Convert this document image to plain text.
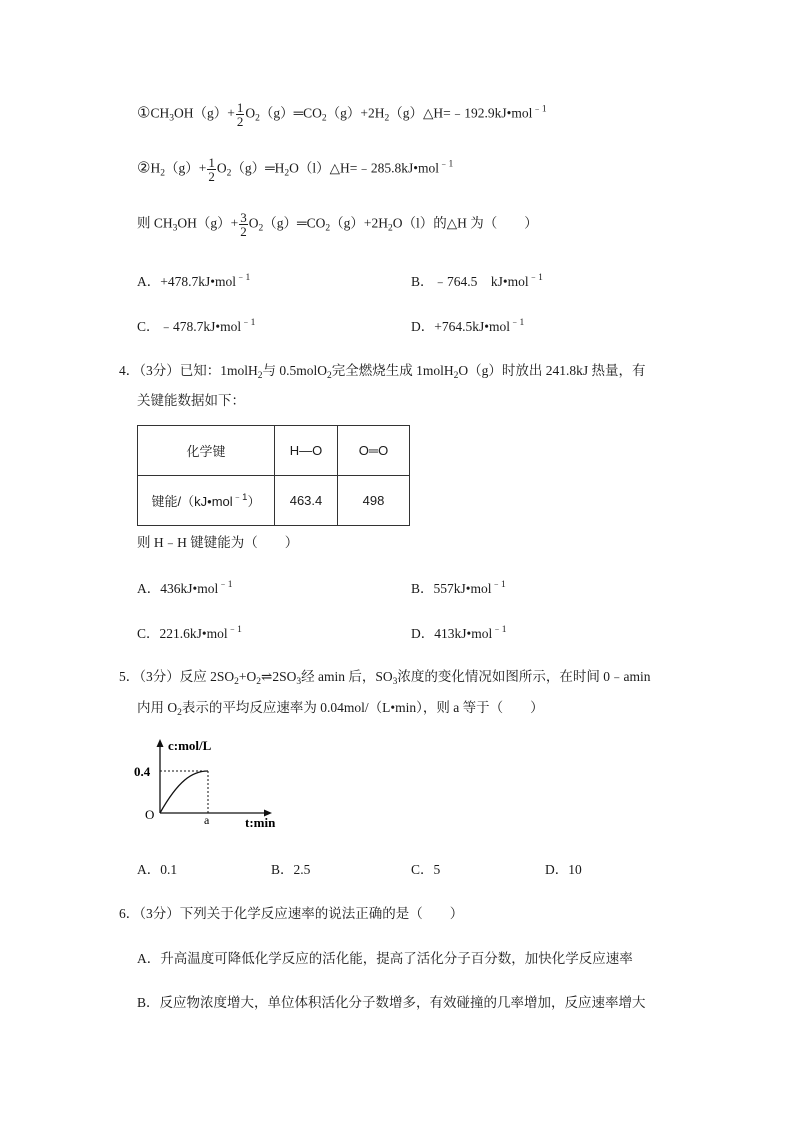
$①CH_3OH(g)+ \frac{1}{2}$ $O_2(g)═CO_2(g)+2H_2(g)\triangle H=﹣192.9kJ•mol^{﹣1}$
$②H_2(g)+ \frac{1}{2}$ $O_2(g)═H_2O(l)\triangle H=﹣285.8kJ•mol^{﹣1}$
则 $CH_3OH(g)+ \frac{3}{2}$ $O_2(g)═CO_2(g)+2H_2O(l)$的△H 为（　　）
A．+478.7kJ•mol$^{﹣1}$	B．﹣764.5　kJ•mol$^{﹣1}$
C．﹣478.7kJ•mol$^{﹣1}$	D．+764.5kJ•mol$^{﹣1}$
4．（3分）已知：1molH$_2$与 0.5molO$_2$完全燃烧生成 1molH$_2$O（g）时放出 241.8kJ 热量，有
关键能数据如下：
化学键	H—O	O═O
键能/（kJ•mol$^{﹣1}$）	463.4	498
则 H﹣H 键键能为（　　）
A．436kJ•mol$^{﹣1}$	B．557kJ•mol$^{﹣1}$
C．221.6kJ•mol$^{﹣1}$	D．413kJ•mol$^{﹣1}$
5．（3分）反应 $2SO_2+O_2\rightleftharpoons 2SO_3$经 amin 后，$SO_3$浓度的变化情况如图所示，在时间 0﹣amin
内用 $O_2$表示的平均反应速率为 0.04mol/（L•min），则 a 等于（　　）
c:mol/L
0.4
O	a	t:min
A．0.1	B．2.5	C．5	D．10
6．（3分）下列关于化学反应速率的说法正确的是（　　）
A．升高温度可降低化学反应的活化能，提高了活化分子百分数，加快化学反应速率
B．反应物浓度增大，单位体积活化分子数增多，有效碰撞的几率增加，反应速率增大
